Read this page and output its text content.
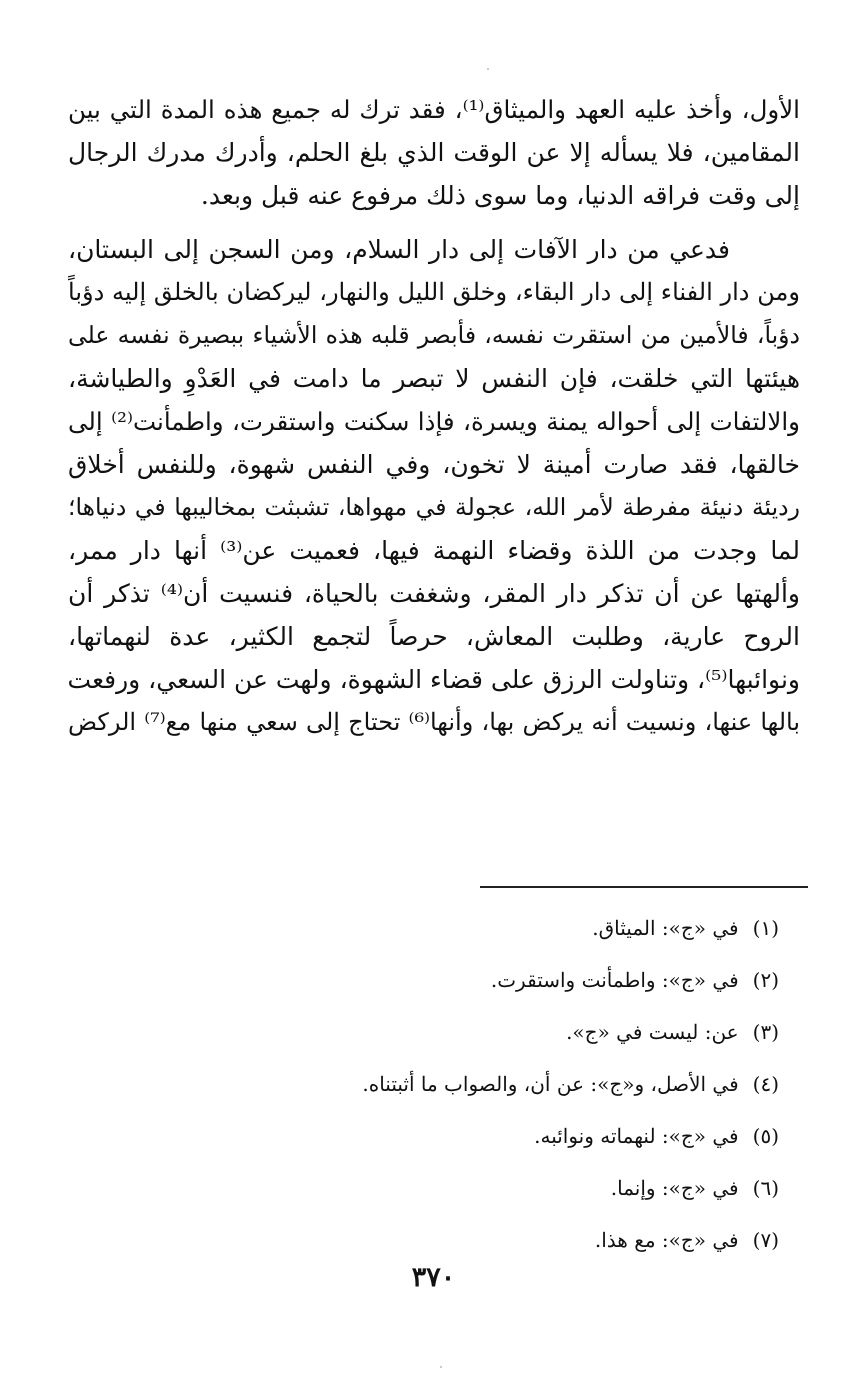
الأول، وأخذ عليه العهد والميثاق⁽¹⁾، فقد ترك له جميع هذه المدة التي بين
المقامين، فلا يسأله إلا عن الوقت الذي بلغ الحلم، وأدرك مدرك الرجال
إلى وقت فراقه الدنيا، وما سوى ذلك مرفوع عنه قبل وبعد.
فدعي من دار الآفات إلى دار السلام، ومن السجن إلى البستان،
ومن دار الفناء إلى دار البقاء، وخلق الليل والنهار، ليركضان بالخلق إليه دؤباً
دؤباً، فالأمين من استقرت نفسه، فأبصر قلبه هذه الأشياء ببصيرة نفسه على
هيئتها التي خلقت، فإن النفس لا تبصر ما دامت في العَدْوِ والطياشة،
والالتفات إلى أحواله يمنة ويسرة، فإذا سكنت واستقرت، واطمأنت⁽²⁾ إلى
خالقها، فقد صارت أمينة لا تخون، وفي النفس شهوة، وللنفس أخلاق
رديئة دنيئة مفرطة لأمر الله، عجولة في مهواها، تشبثت بمخاليبها في دنياها؛
لما وجدت من اللذة وقضاء النهمة فيها، فعميت عن⁽³⁾ أنها دار ممر،
وألهتها عن أن تذكر دار المقر، وشغفت بالحياة، فنسيت أن⁽⁴⁾ تذكر أن
الروح عارية، وطلبت المعاش، حرصاً لتجمع الكثير، عدة لنهماتها،
ونوائبها⁽⁵⁾، وتناولت الرزق على قضاء الشهوة، ولهت عن السعي، ورفعت
بالها عنها، ونسيت أنه يركض بها، وأنها⁽⁶⁾ تحتاج إلى سعي منها مع⁽⁷⁾ الركض
(١)في «ج»: الميثاق.
(٢)في «ج»: واطمأنت واستقرت.
(٣)عن: ليست في «ج».
(٤)في الأصل، و«ج»: عن أن، والصواب ما أثبتناه.
(٥)في «ج»: لنهماته ونوائبه.
(٦)في «ج»: وإنما.
(٧)في «ج»: مع هذا.
٣٧٠
